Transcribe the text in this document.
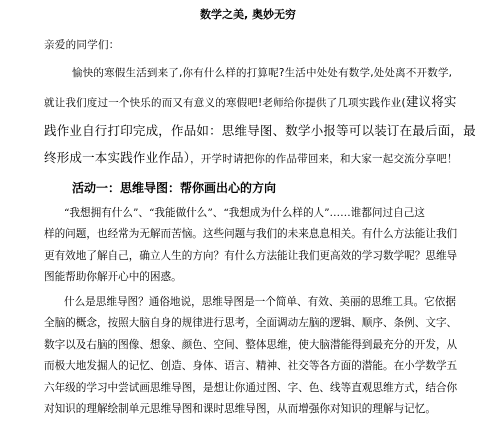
数学之美, 奥妙无穷
亲爱的同学们：
愉快的寒假生活到来了,你有什么样的打算呢?生活中处处有数学,处处离不开数学,
就让我们度过一个快乐的而又有意义的寒假吧!老师给你提供了几项实践作业(建议将实
践作业自行打印完成，作品如：思维导图、数学小报等可以装订在最后面，最
终形成一本实践作业作品），开学时请把你的作品带回来，和大家一起交流分享吧！
活动一：思维导图：帮你画出心的方向
“我想拥有什么”、“我能做什么”、“我想成为什么样的人”……谁都问过自己这
样的问题，也经常为无解而苦恼。这些问题与我们的未来息息相关。有什么方法能让我们
更有效地了解自己，确立人生的方向？有什么方法能让我们更高效的学习数学呢？思维导
图能帮助你解开心中的困惑。
什么是思维导图？通俗地说，思维导图是一个简单、有效、美丽的思维工具。它依据
全脑的概念，按照大脑自身的规律进行思考，全面调动左脑的逻辑、顺序、条例、文字、
数字以及右脑的图像、想象、颜色、空间、整体思维，使大脑潜能得到最充分的开发，从
而极大地发掘人的记忆、创造、身体、语言、精神、社交等各方面的潜能。在小学数学五
六年级的学习中尝试画思维导图，是想让你通过图、字、色、线等直观思维方式，结合你
对知识的理解绘制单元思维导图和课时思维导图，从而增强你对知识的理解与记忆。
